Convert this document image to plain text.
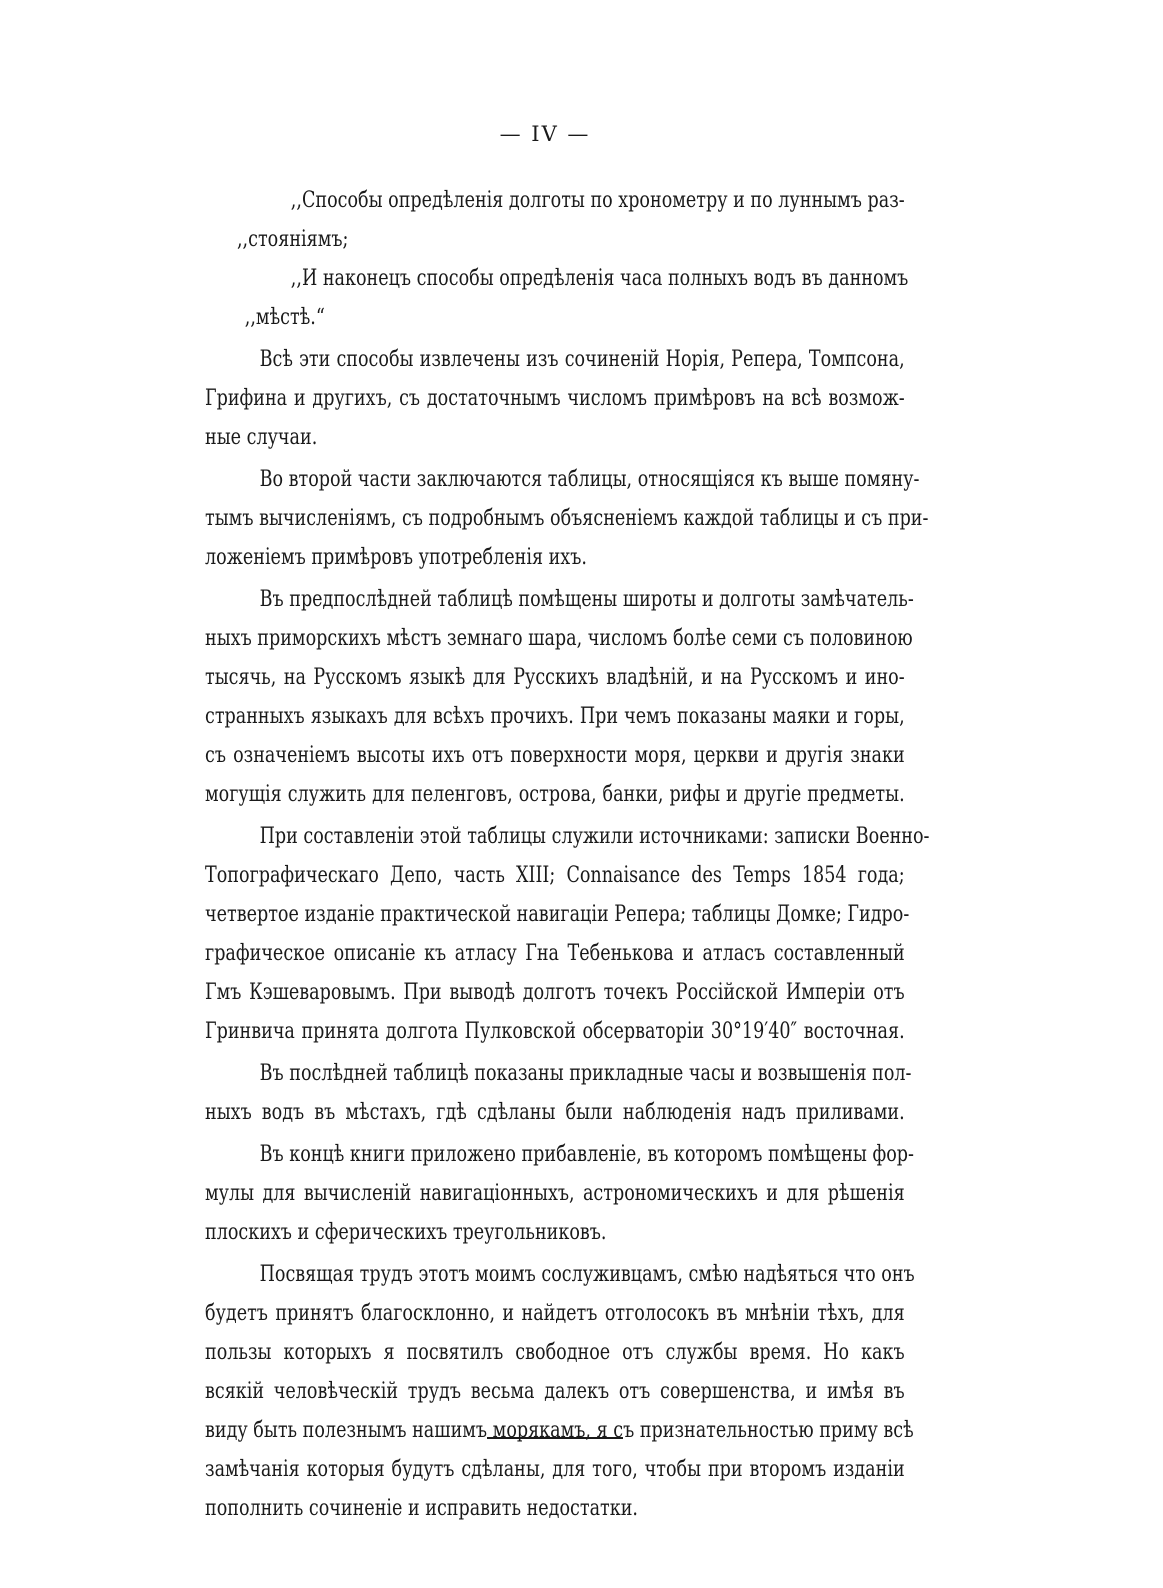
— IV —
,,Способы опредѣленія долготы по хронометру и по луннымъ раз-
,,стояніямъ;
,,И наконецъ способы опредѣленія часа полныхъ водъ въ данномъ
,,мѣстѣ.“
Всѣ эти способы извлечены изъ сочиненій Норія, Репера, Томпсона,
Грифина и другихъ, съ достаточнымъ числомъ примѣровъ на всѣ возмож-
ные случаи.
Во второй части заключаются таблицы, относящіяся къ выше помяну-
тымъ вычисленіямъ, съ подробнымъ объясненіемъ каждой таблицы и съ при-
ложеніемъ примѣровъ употребленія ихъ.
Въ предпослѣдней таблицѣ помѣщены широты и долготы замѣчатель-
ныхъ приморскихъ мѣстъ земнаго шара, числомъ болѣе семи съ половиною
тысячь, на Русскомъ языкѣ для Русскихъ владѣній, и на Русскомъ и ино-
странныхъ языкахъ для всѣхъ прочихъ. При чемъ показаны маяки и горы,
съ означеніемъ высоты ихъ отъ поверхности моря, церкви и другія знаки
могущія служить для пеленговъ, острова, банки, рифы и другіе предметы.
При составленіи этой таблицы служили источниками: записки Военно-
Топографическаго Депо, часть XIII; Connaisance des Temps 1854 года;
четвертое изданіе практической навигаціи Репера; таблицы Домке; Гидро-
графическое описаніе къ атласу Гна Тебенькова и атласъ составленный
Гмъ Кэшеваровымъ. При выводѣ долготъ точекъ Россійской Имперіи отъ
Гринвича принята долгота Пулковской обсерваторіи 30°19′40″ восточная.
Въ послѣдней таблицѣ показаны прикладные часы и возвышенія пол-
ныхъ водъ въ мѣстахъ, гдѣ сдѣланы были наблюденія надъ приливами.
Въ концѣ книги приложено прибавленіе, въ которомъ помѣщены фор-
мулы для вычисленій навигаціонныхъ, астрономическихъ и для рѣшенія
плоскихъ и сферическихъ треугольниковъ.
Посвящая трудъ этотъ моимъ сослуживцамъ, смѣю надѣяться что онъ
будетъ принятъ благосклонно, и найдетъ отголосокъ въ мнѣніи тѣхъ, для
пользы которыхъ я посвятилъ свободное отъ службы время. Но какъ
всякій человѣческій трудъ весьма далекъ отъ совершенства, и имѣя въ
виду быть полезнымъ нашимъ морякамъ, я съ признательностью приму всѣ
замѣчанія которыя будутъ сдѣланы, для того, чтобы при второмъ изданіи
пополнить сочиненіе и исправить недостатки.
